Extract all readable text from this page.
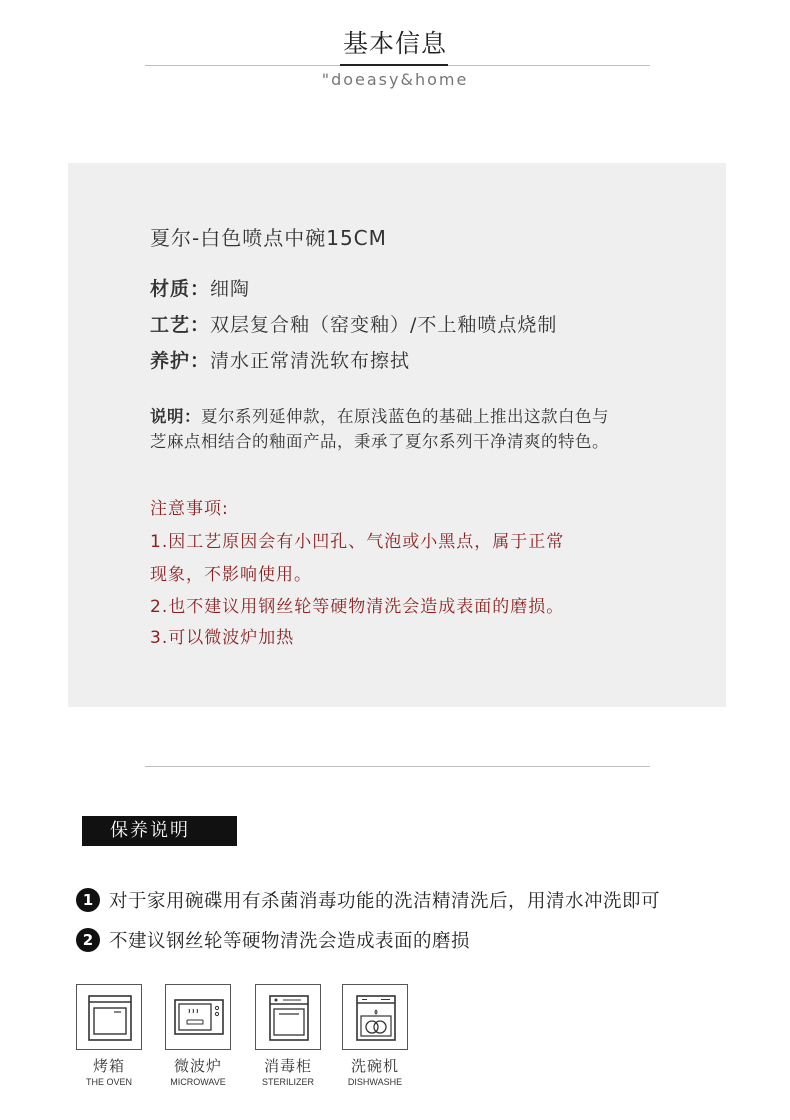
基本信息
"doeasy&home
夏尔-白色喷点中碗15CM
材质：细陶
工艺：双层复合釉（窑变釉）/不上釉喷点烧制
养护：清水正常清洗软布擦拭
说明：夏尔系列延伸款，在原浅蓝色的基础上推出这款白色与
芝麻点相结合的釉面产品，秉承了夏尔系列干净清爽的特色。
注意事项:
1.因工艺原因会有小凹孔、气泡或小黑点，属于正常
现象，不影响使用。
2.也不建议用钢丝轮等硬物清洗会造成表面的磨损。
3.可以微波炉加热
保养说明
1 对于家用碗碟用有杀菌消毒功能的洗洁精清洗后，用清水冲洗即可
2 不建议钢丝轮等硬物清洗会造成表面的磨损
烤箱
THE OVEN
微波炉
MICROWAVE
消毒柜
STERILIZER
洗碗机
DISHWASHE
